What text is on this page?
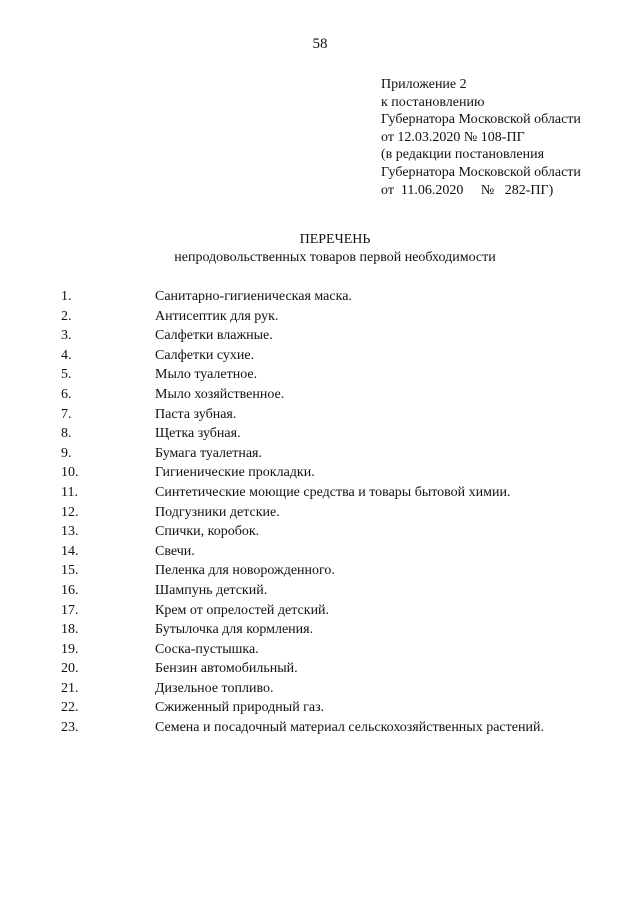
58
Приложение 2
к постановлению
Губернатора Московской области
от 12.03.2020 № 108-ПГ
(в редакции постановления
Губернатора Московской области
от  11.06.2020     №   282-ПГ)
ПЕРЕЧЕНЬ
непродовольственных товаров первой необходимости
1.	Санитарно-гигиеническая маска.
2.	Антисептик для рук.
3.	Салфетки влажные.
4.	Салфетки сухие.
5.	Мыло туалетное.
6.	Мыло хозяйственное.
7.	Паста зубная.
8.	Щетка зубная.
9.	Бумага туалетная.
10.	Гигиенические прокладки.
11.	Синтетические моющие средства и товары бытовой химии.
12.	Подгузники детские.
13.	Спички, коробок.
14.	Свечи.
15.	Пеленка для новорожденного.
16.	Шампунь детский.
17.	Крем от опрелостей детский.
18.	Бутылочка для кормления.
19.	Соска-пустышка.
20.	Бензин автомобильный.
21.	Дизельное топливо.
22.	Сжиженный природный газ.
23.	Семена и посадочный материал сельскохозяйственных растений.
